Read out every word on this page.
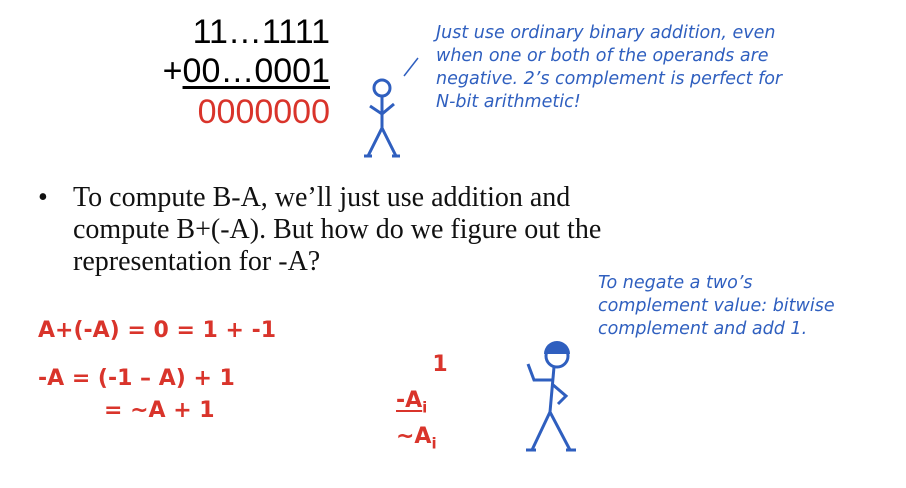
11…1111
+00…0001
0000000
Just use ordinary binary addition, even
when one or both of the operands are
negative. 2’s complement is perfect for
N-bit arithmetic!
• To compute B-A, we’ll just use addition and
compute B+(-A). But how do we figure out the
representation for -A?
To negate a two’s
complement value: bitwise
complement and add 1.
A+(-A) = 0 = 1 + -1
-A = (-1 – A) + 1
= ~A + 1
1
$-A_i$
$\sim A_i$
